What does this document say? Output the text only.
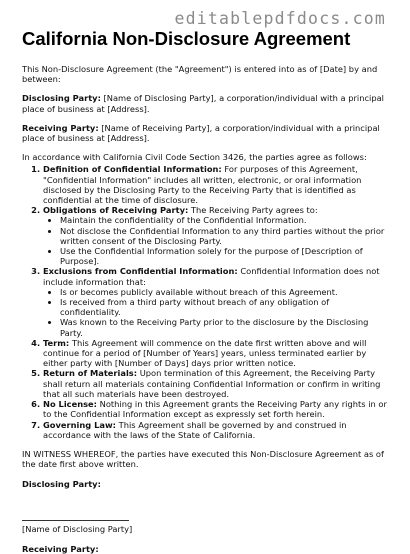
editablepdfdocs.com
California Non-Disclosure Agreement

This Non-Disclosure Agreement (the "Agreement") is entered into as of [Date] by and between:

Disclosing Party: [Name of Disclosing Party], a corporation/individual with a principal place of business at [Address].

Receiving Party: [Name of Receiving Party], a corporation/individual with a principal place of business at [Address].

In accordance with California Civil Code Section 3426, the parties agree as follows:

1. Definition of Confidential Information: For purposes of this Agreement, "Confidential Information" includes all written, electronic, or oral information disclosed by the Disclosing Party to the Receiving Party that is identified as confidential at the time of disclosure.
2. Obligations of Receiving Party: The Receiving Party agrees to:
• Maintain the confidentiality of the Confidential Information.
• Not disclose the Confidential Information to any third parties without the prior written consent of the Disclosing Party.
• Use the Confidential Information solely for the purpose of [Description of Purpose].
3. Exclusions from Confidential Information: Confidential Information does not include information that:
• Is or becomes publicly available without breach of this Agreement.
• Is received from a third party without breach of any obligation of confidentiality.
• Was known to the Receiving Party prior to the disclosure by the Disclosing Party.
4. Term: This Agreement will commence on the date first written above and will continue for a period of [Number of Years] years, unless terminated earlier by either party with [Number of Days] days prior written notice.
5. Return of Materials: Upon termination of this Agreement, the Receiving Party shall return all materials containing Confidential Information or confirm in writing that all such materials have been destroyed.
6. No License: Nothing in this Agreement grants the Receiving Party any rights in or to the Confidential Information except as expressly set forth herein.
7. Governing Law: This Agreement shall be governed by and construed in accordance with the laws of the State of California.

IN WITNESS WHEREOF, the parties have executed this Non-Disclosure Agreement as of the date first above written.

Disclosing Party:
[Name of Disclosing Party]
Receiving Party:
